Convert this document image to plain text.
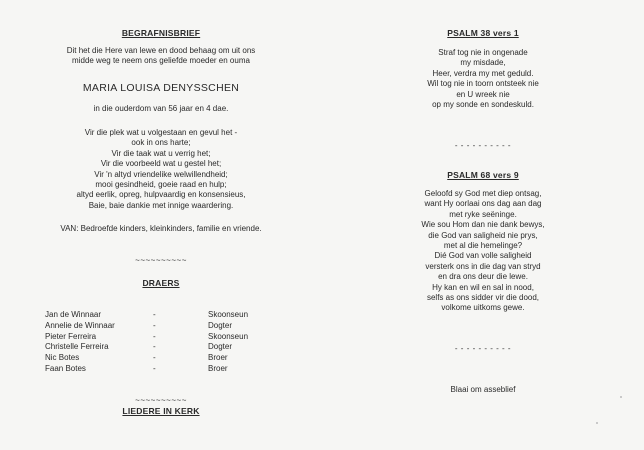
BEGRAFNISBRIEF
Dit het die Here van lewe en dood behaag om uit ons
midde weg te neem ons geliefde moeder en ouma
MARIA LOUISA DENYSSCHEN
in die ouderdom van 56 jaar en 4 dae.
Vir die plek wat u volgestaan en gevul het -
ook in ons harte;
Vir die taak wat u verrig het;
Vir die voorbeeld wat u gestel het;
Vir 'n altyd vriendelike welwillendheid;
mooi gesindheid, goeie raad en hulp;
altyd eerlik, opreg, hulpvaardig en konsensieus,
Baie, baie dankie met innige waardering.
VAN: Bedroefde kinders, kleinkinders, familie en vriende.
~~~~~~~~~~
DRAERS
Jan de Winnaar	-	Skoonseun
Annelie de Winnaar	-	Dogter
Pieter Ferreira	-	Skoonseun
Christelle Ferreira	-	Dogter
Nic Botes	-	Broer
Faan Botes	-	Broer
~~~~~~~~~~
LIEDERE IN KERK
PSALM 38 vers 1
Straf tog nie in ongenade
my misdade,
Heer, verdra my met geduld.
Wil tog nie in toorn ontsteek nie
en U wreek nie
op my sonde en sondeskuld.
- - - - - - - - - -
PSALM 68 vers 9
Geloofd sy God met diep ontsag,
want Hy oorlaai ons dag aan dag
met ryke seëninge.
Wie sou Hom dan nie dank bewys,
die God van saligheid nie prys,
met al die hemelinge?
Dié God van volle saligheid
versterk ons in die dag van stryd
en dra ons deur die lewe.
Hy kan en wil en sal in nood,
selfs as ons sidder vir die dood,
volkome uitkoms gewe.
- - - - - - - - - -
Blaai om asseblief
